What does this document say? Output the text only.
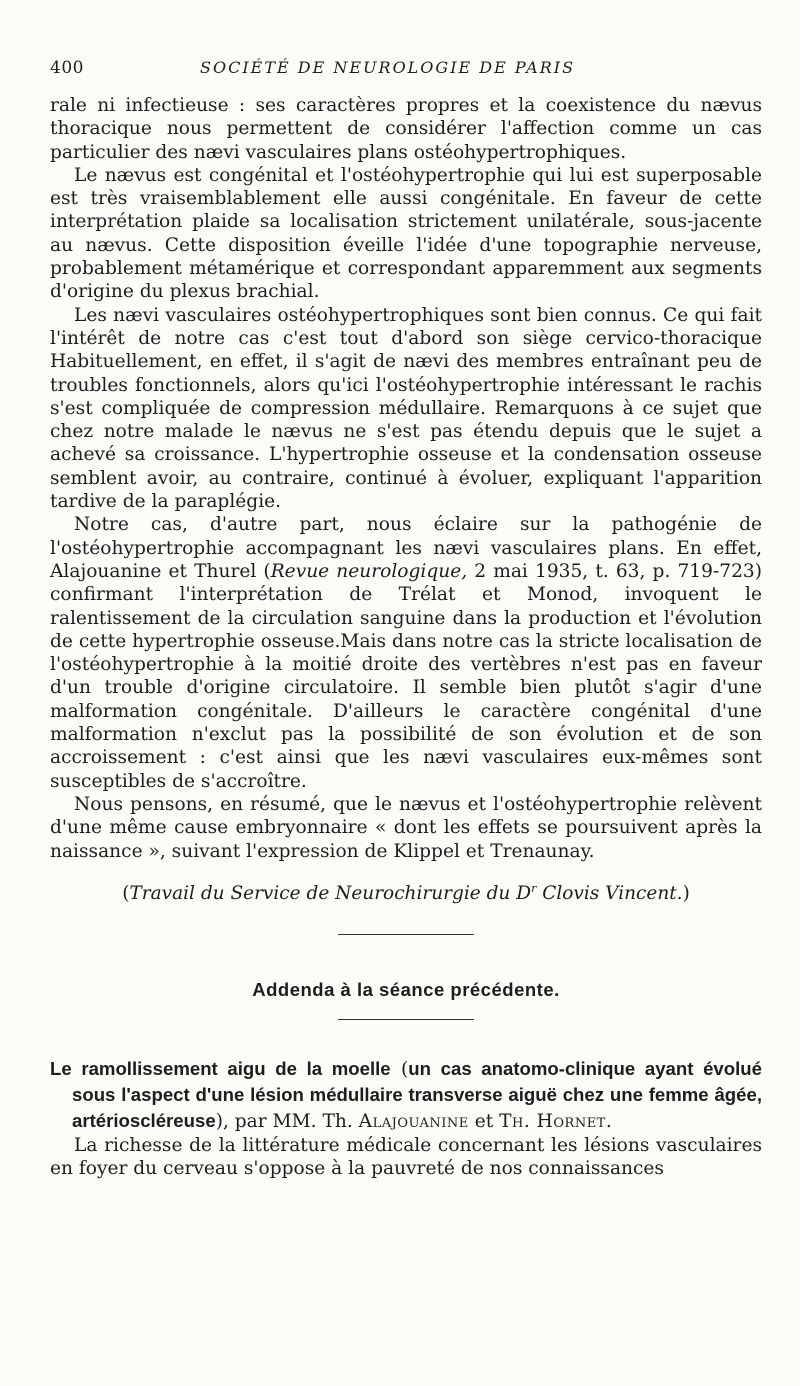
400	SOCIÉTÉ DE NEUROLOGIE DE PARIS

rale ni infectieuse : ses caractères propres et la coexistence du nævus thoracique nous permettent de considérer l'affection comme un cas particulier des nævi vasculaires plans ostéohypertrophiques.

Le nævus est congénital et l'ostéohypertrophie qui lui est superposable est très vraisemblablement elle aussi congénitale. En faveur de cette interprétation plaide sa localisation strictement unilatérale, sous-jacente au nævus. Cette disposition éveille l'idée d'une topographie nerveuse, probablement métamérique et correspondant apparemment aux segments d'origine du plexus brachial.

Les nævi vasculaires ostéohypertrophiques sont bien connus. Ce qui fait l'intérêt de notre cas c'est tout d'abord son siège cervico-thoracique Habituellement, en effet, il s'agit de nævi des membres entraînant peu de troubles fonctionnels, alors qu'ici l'ostéohypertrophie intéressant le rachis s'est compliquée de compression médullaire. Remarquons à ce sujet que chez notre malade le nævus ne s'est pas étendu depuis que le sujet a achevé sa croissance. L'hypertrophie osseuse et la condensation osseuse semblent avoir, au contraire, continué à évoluer, expliquant l'apparition tardive de la paraplégie.

Notre cas, d'autre part, nous éclaire sur la pathogénie de l'ostéohypertrophie accompagnant les nævi vasculaires plans. En effet, Alajouanine et Thurel (Revue neurologique, 2 mai 1935, t. 63, p. 719-723) confirmant l'interprétation de Trélat et Monod, invoquent le ralentissement de la circulation sanguine dans la production et l'évolution de cette hypertrophie osseuse.Mais dans notre cas la stricte localisation de l'ostéohypertrophie à la moitié droite des vertèbres n'est pas en faveur d'un trouble d'origine circulatoire. Il semble bien plutôt s'agir d'une malformation congénitale. D'ailleurs le caractère congénital d'une malformation n'exclut pas la possibilité de son évolution et de son accroissement : c'est ainsi que les nævi vasculaires eux-mêmes sont susceptibles de s'accroître.

Nous pensons, en résumé, que le nævus et l'ostéohypertrophie relèvent d'une même cause embryonnaire « dont les effets se poursuivent après la naissance », suivant l'expression de Klippel et Trenaunay.

(Travail du Service de Neurochirurgie du $D^r$ Clovis Vincent.)

Addenda à la séance précédente.

Le ramollissement aigu de la moelle (un cas anatomo-clinique ayant évolué sous l'aspect d'une lésion médullaire transverse aiguë chez une femme âgée, artérioscléreuse), par MM. Th. Alajouanine et Th. Hornet.

La richesse de la littérature médicale concernant les lésions vasculaires en foyer du cerveau s'oppose à la pauvreté de nos connaissances
